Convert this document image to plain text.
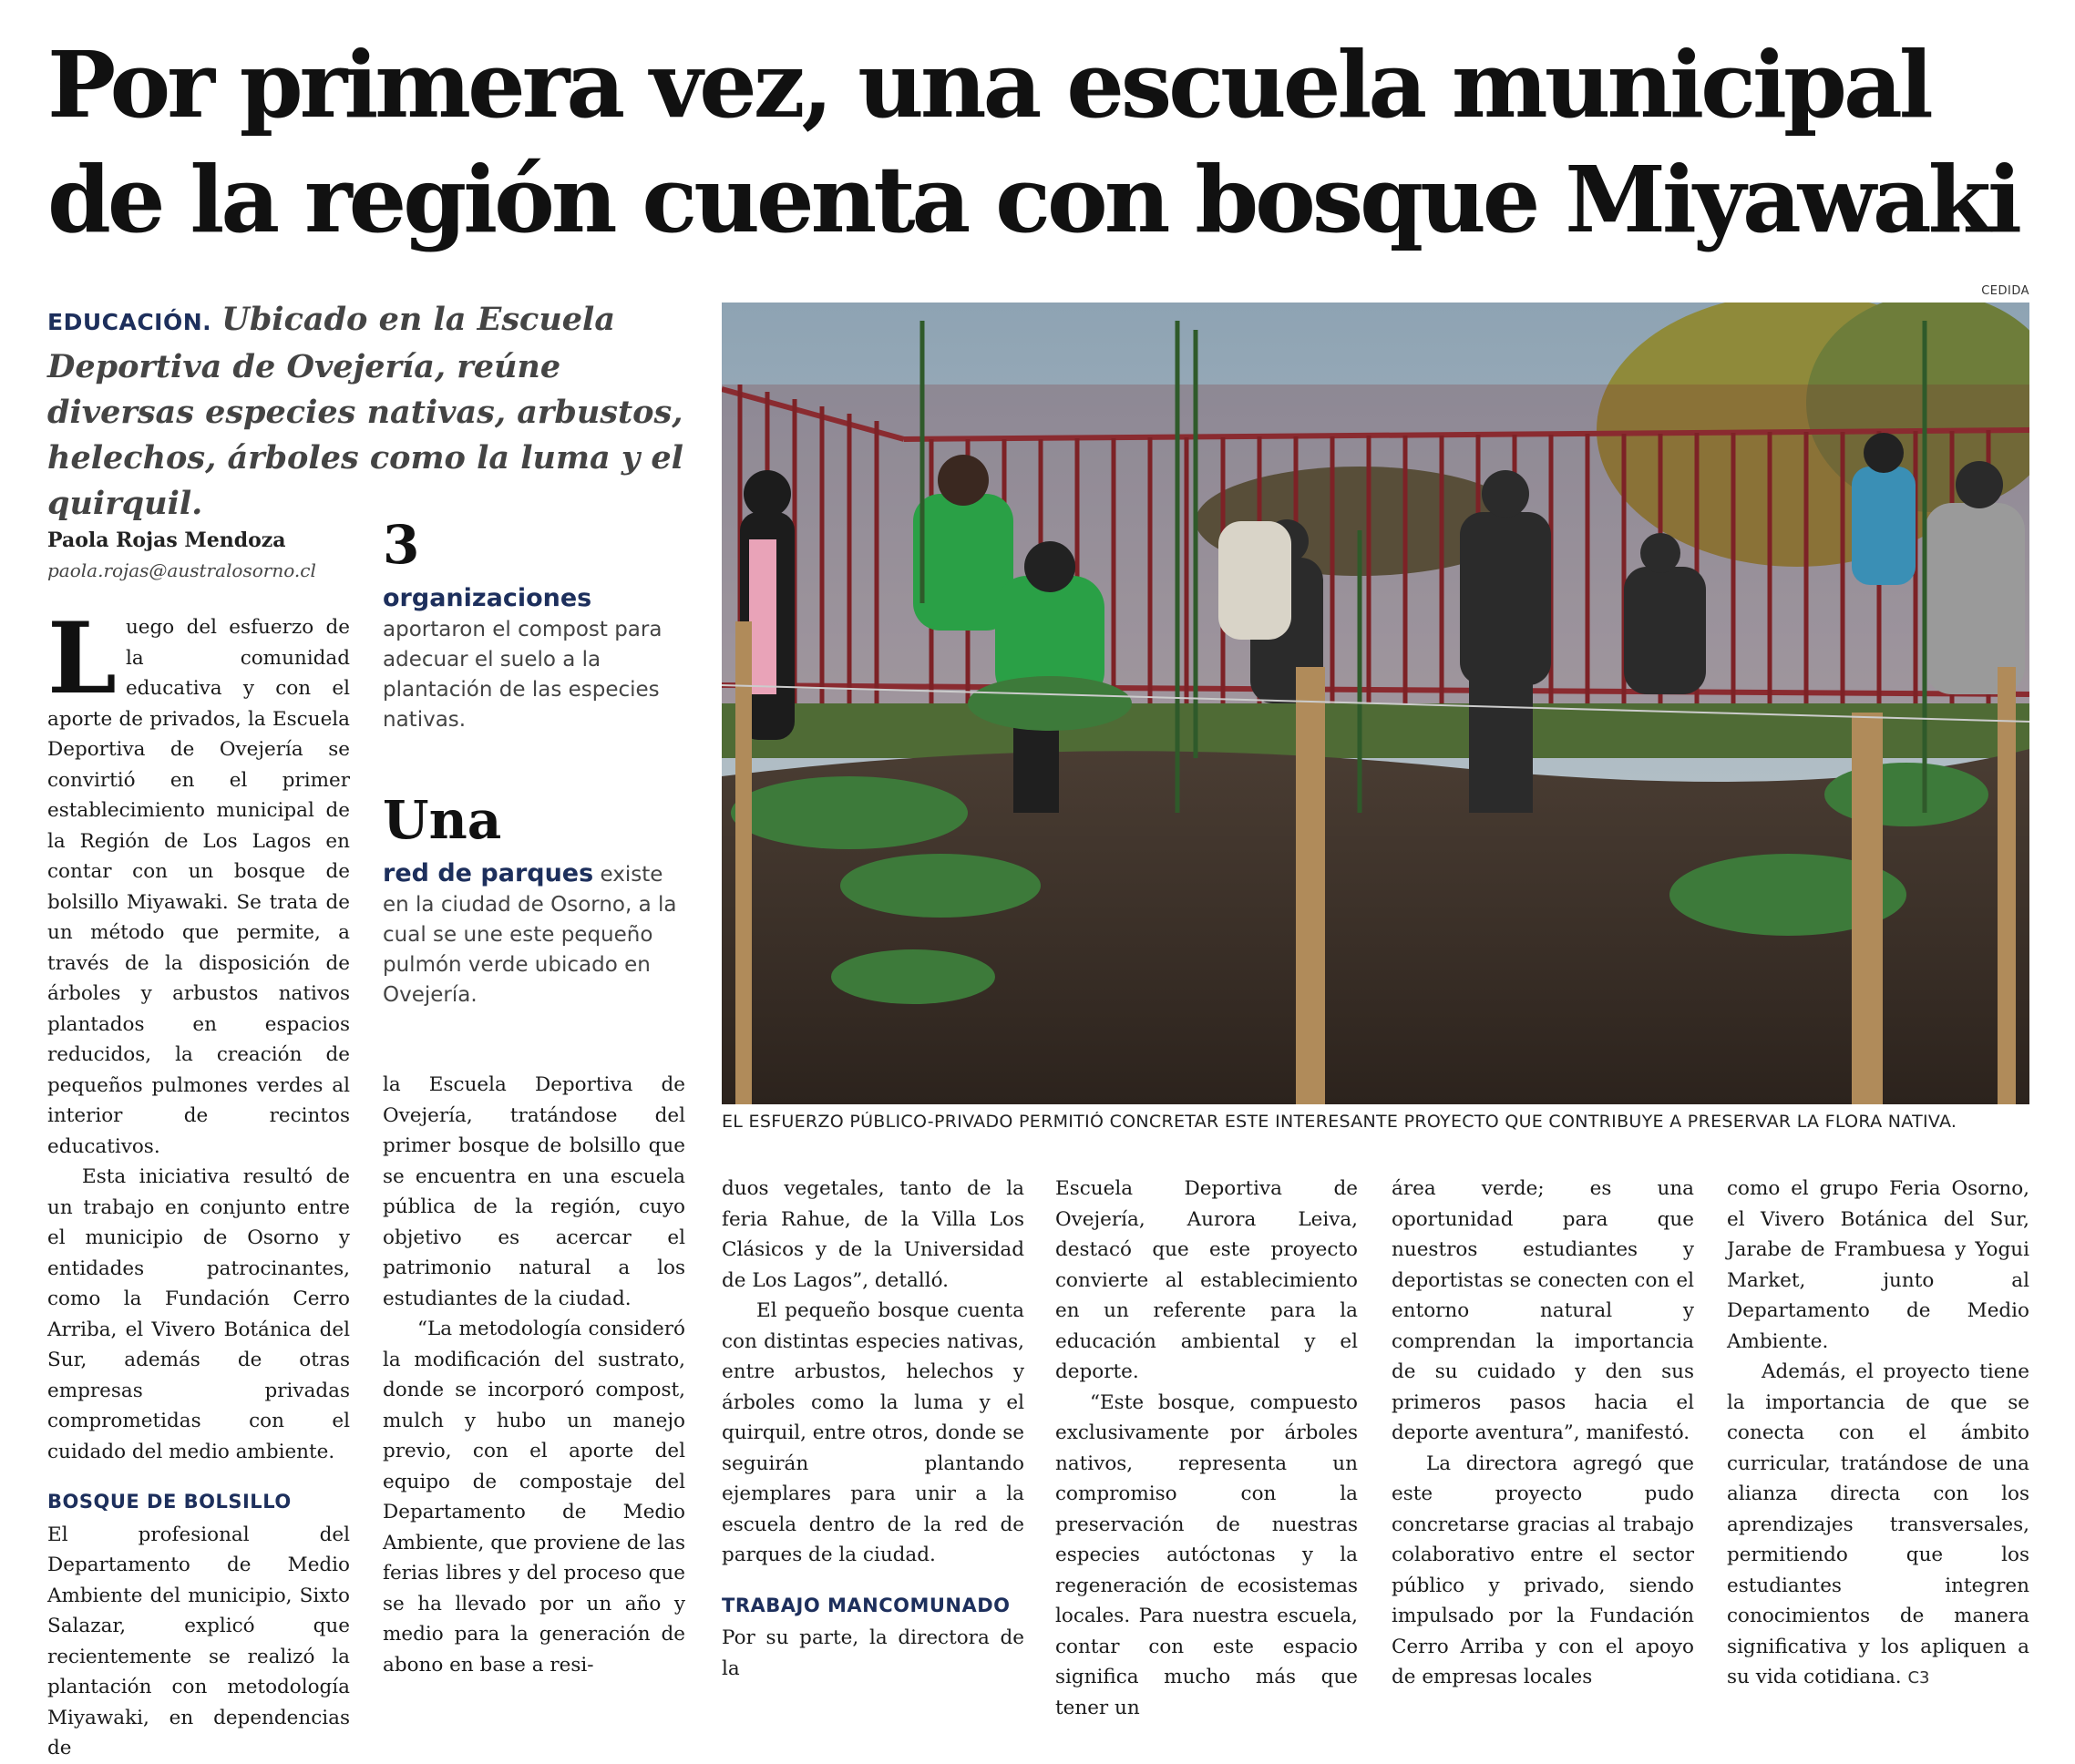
Por primera vez, una escuela municipal
de la región cuenta con bosque Miyawaki

EDUCACIÓN. Ubicado en la Escuela Deportiva de Ovejería, reúne diversas especies nativas, arbustos, helechos, árboles como la luma y el quirquil.

Paola Rojas Mendoza
paola.rojas@australosorno.cl	3
organizaciones aportaron el compost para adecuar el suelo a la plantación de las especies nativas.
Una
red de parques existe en la ciudad de Osorno, a la cual se une este pequeño pulmón verde ubicado en Ovejería.
CEDIDA
EL ESFUERZO PÚBLICO-PRIVADO PERMITIÓ CONCRETAR ESTE INTERESANTE PROYECTO QUE CONTRIBUYE A PRESERVAR LA FLORA NATIVA.

Luego del esfuerzo de la comunidad educativa y con el aporte de privados, la Escuela Deportiva de Ovejería se convirtió en el primer establecimiento municipal de la Región de Los Lagos en contar con un bosque de bolsillo Miyawaki. Se trata de un método que permite, a través de la disposición de árboles y arbustos nativos plantados en espacios reducidos, la creación de pequeños pulmones verdes al interior de recintos educativos.

Esta iniciativa resultó de un trabajo en conjunto entre el municipio de Osorno y entidades patrocinantes, como la Fundación Cerro Arriba, el Vivero Botánica del Sur, además de otras empresas privadas comprometidas con el cuidado del medio ambiente.

BOSQUE DE BOLSILLO

El profesional del Departamento de Medio Ambiente del municipio, Sixto Salazar, explicó que recientemente se realizó la plantación con metodología Miyawaki, en dependencias de

la Escuela Deportiva de Ovejería, tratándose del primer bosque de bolsillo que se encuentra en una escuela pública de la región, cuyo objetivo es acercar el patrimonio natural a los estudiantes de la ciudad.

“La metodología consideró la modificación del sustrato, donde se incorporó compost, mulch y hubo un manejo previo, con el aporte del equipo de compostaje del Departamento de Medio Ambiente, que proviene de las ferias libres y del proceso que se ha llevado por un año y medio para la generación de abono en base a resi-

duos vegetales, tanto de la feria Rahue, de la Villa Los Clásicos y de la Universidad de Los Lagos”, detalló.

El pequeño bosque cuenta con distintas especies nativas, entre arbustos, helechos y árboles como la luma y el quirquil, entre otros, donde se seguirán plantando ejemplares para unir a la escuela dentro de la red de parques de la ciudad.

TRABAJO MANCOMUNADO

Por su parte, la directora de la

Escuela Deportiva de Ovejería, Aurora Leiva, destacó que este proyecto convierte al establecimiento en un referente para la educación ambiental y el deporte.

“Este bosque, compuesto exclusivamente por árboles nativos, representa un compromiso con la preservación de nuestras especies autóctonas y la regeneración de ecosistemas locales. Para nuestra escuela, contar con este espacio significa mucho más que tener un

área verde; es una oportunidad para que nuestros estudiantes y deportistas se conecten con el entorno natural y comprendan la importancia de su cuidado y den sus primeros pasos hacia el deporte aventura”, manifestó.

La directora agregó que este proyecto pudo concretarse gracias al trabajo colaborativo entre el sector público y privado, siendo impulsado por la Fundación Cerro Arriba y con el apoyo de empresas locales

como el grupo Feria Osorno, el Vivero Botánica del Sur, Jarabe de Frambuesa y Yogui Market, junto al Departamento de Medio Ambiente.

Además, el proyecto tiene la importancia de que se conecta con el ámbito curricular, tratándose de una alianza directa con los aprendizajes transversales, permitiendo que los estudiantes integren conocimientos de manera significativa y los apliquen a su vida cotidiana. C3
